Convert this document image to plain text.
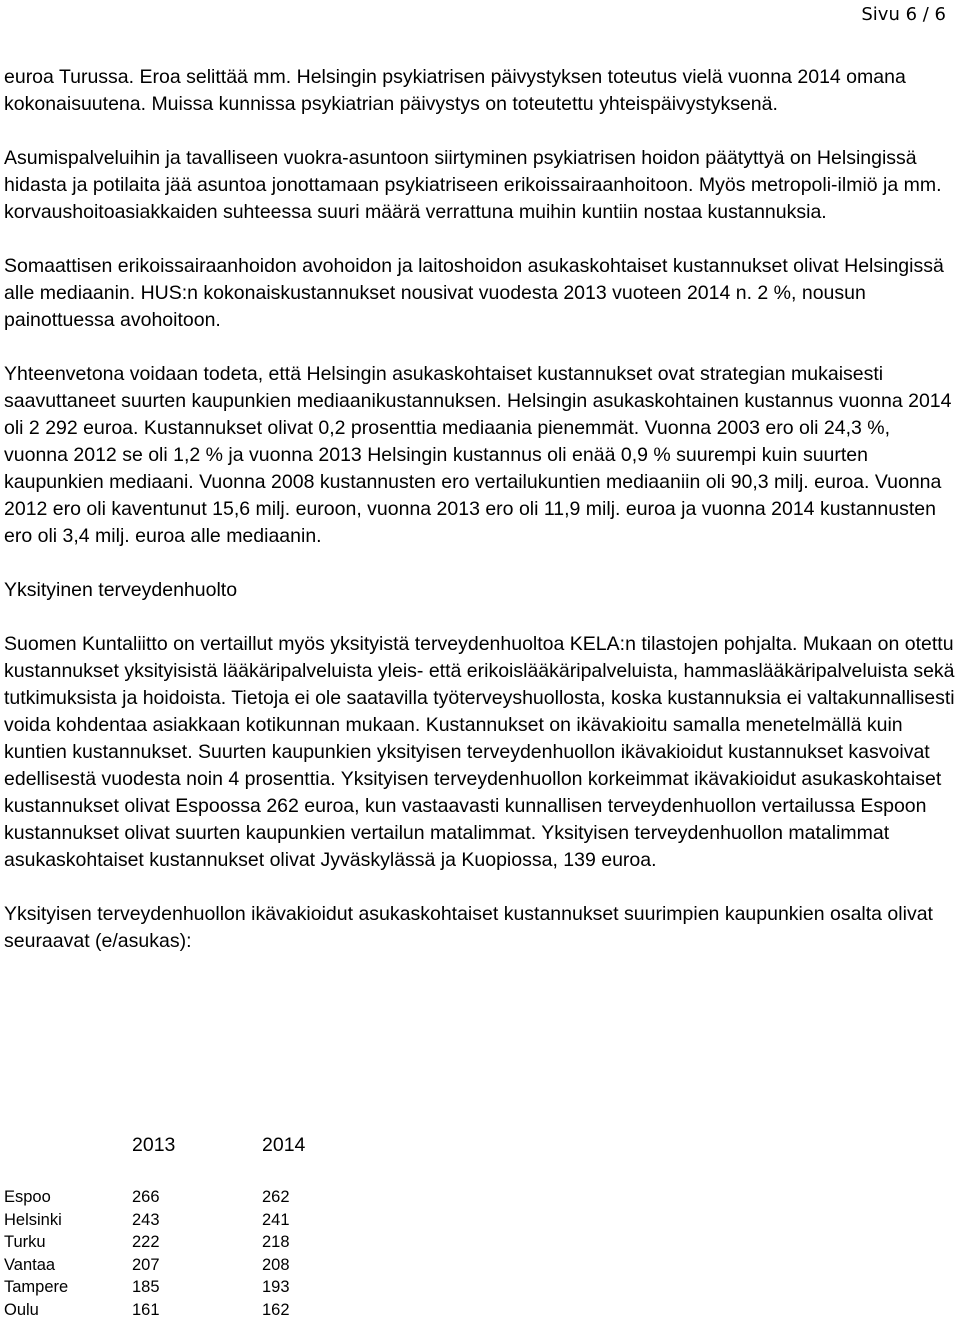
Sivu 6 / 6

euroa Turussa. Eroa selittää mm. Helsingin psykiatrisen päivystyksen toteutus vielä vuonna 2014 omana kokonaisuutena. Muissa kunnissa psykiatrian päivystys on toteutettu yhteispäivystyksenä.

Asumispalveluihin ja tavalliseen vuokra-asuntoon siirtyminen psykiatrisen hoidon päätyttyä on Helsingissä hidasta ja potilaita jää asuntoa jonottamaan psykiatriseen erikoissairaanhoitoon. Myös metropoli-ilmiö ja mm. korvaushoitoasiakkaiden suhteessa suuri määrä verrattuna muihin kuntiin nostaa kustannuksia.

Somaattisen erikoissairaanhoidon avohoidon ja laitoshoidon asukaskohtaiset kustannukset olivat Helsingissä alle mediaanin. HUS:n kokonaiskustannukset nousivat vuodesta 2013 vuoteen 2014 n. 2 %, nousun painottuessa avohoitoon.

Yhteenvetona voidaan todeta, että Helsingin asukaskohtaiset kustannukset ovat strategian mukaisesti saavuttaneet suurten kaupunkien mediaanikustannuksen. Helsingin asukaskohtainen kustannus vuonna 2014 oli 2 292 euroa. Kustannukset olivat 0,2 prosenttia mediaania pienemmät. Vuonna 2003 ero oli 24,3 %, vuonna 2012 se oli 1,2 % ja vuonna 2013 Helsingin kustannus oli enää 0,9 % suurempi kuin suurten kaupunkien mediaani. Vuonna 2008 kustannusten ero vertailukuntien mediaaniin oli 90,3 milj. euroa. Vuonna 2012 ero oli kaventunut 15,6 milj. euroon, vuonna 2013 ero oli 11,9 milj. euroa ja vuonna 2014 kustannusten ero oli 3,4 milj. euroa alle mediaanin.

Yksityinen terveydenhuolto

Suomen Kuntaliitto on vertaillut myös yksityistä terveydenhuoltoa KELA:n tilastojen pohjalta. Mukaan on otettu kustannukset yksityisistä lääkäripalveluista yleis- että erikoislääkäripalveluista, hammaslääkäripalveluista sekä tutkimuksista ja hoidoista. Tietoja ei ole saatavilla työterveyshuollosta, koska kustannuksia ei valtakunnallisesti voida kohdentaa asiakkaan kotikunnan mukaan. Kustannukset on ikävakioitu samalla menetelmällä kuin kuntien kustannukset. Suurten kaupunkien yksityisen terveydenhuollon ikävakioidut kustannukset kasvoivat edellisestä vuodesta noin 4 prosenttia. Yksityisen terveydenhuollon korkeimmat ikävakioidut asukaskohtaiset kustannukset olivat Espoossa 262 euroa, kun vastaavasti kunnallisen terveydenhuollon vertailussa Espoon kustannukset olivat suurten kaupunkien vertailun matalimmat. Yksityisen terveydenhuollon matalimmat asukaskohtaiset kustannukset olivat Jyväskylässä ja Kuopiossa, 139 euroa.

Yksityisen terveydenhuollon ikävakioidut asukaskohtaiset kustannukset suurimpien kaupunkien osalta olivat seuraavat (e/asukas):

	2013	2014

Espoo	266	262
Helsinki	243	241
Turku	222	218
Vantaa	207	208
Tampere	185	193
Oulu	161	162
